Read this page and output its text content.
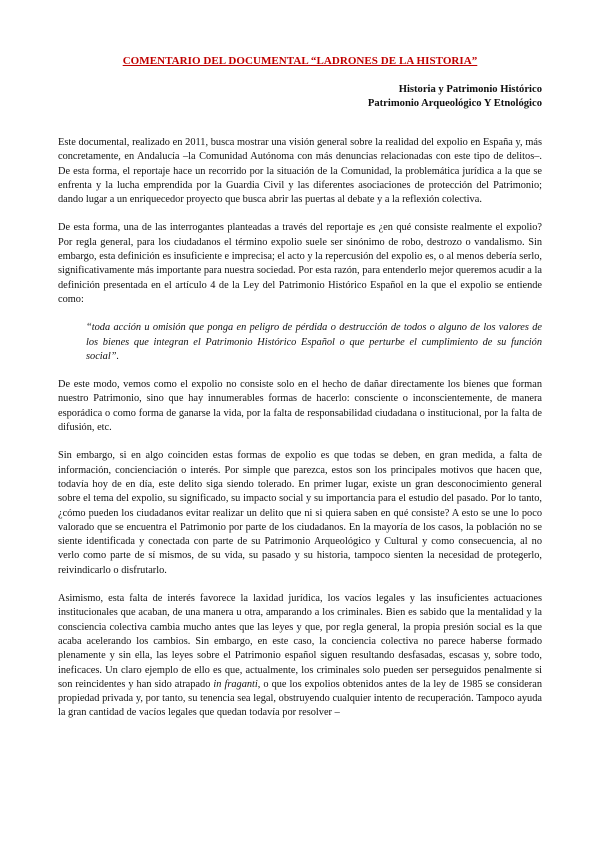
COMENTARIO DEL DOCUMENTAL “LADRONES DE LA HISTORIA”

Historia y Patrimonio Histórico

Patrimonio Arqueológico Y Etnológico

Este documental, realizado en 2011, busca mostrar una visión general sobre la realidad del expolio en España y, más concretamente, en Andalucía –la Comunidad Autónoma con más denuncias relacionadas con este tipo de delitos–. De esta forma, el reportaje hace un recorrido por la situación de la Comunidad, la problemática jurídica a la que se enfrenta y la lucha emprendida por la Guardia Civil y las diferentes asociaciones de protección del Patrimonio; dando lugar a un enriquecedor proyecto que busca abrir las puertas al debate y a la reflexión colectiva.

De esta forma, una de las interrogantes planteadas a través del reportaje es ¿en qué consiste realmente el expolio? Por regla general, para los ciudadanos el término expolio suele ser sinónimo de robo, destrozo o vandalismo. Sin embargo, esta definición es insuficiente e imprecisa; el acto y la repercusión del expolio es, o al menos debería serlo, significativamente más importante para nuestra sociedad. Por esta razón, para entenderlo mejor queremos acudir a la definición presentada en el artículo 4 de la Ley del Patrimonio Histórico Español en la que el expolio se entiende como:

“toda acción u omisión que ponga en peligro de pérdida o destrucción de todos o alguno de los valores de los bienes que integran el Patrimonio Histórico Español o que perturbe el cumplimiento de su función social”.

De este modo, vemos como el expolio no consiste solo en el hecho de dañar directamente los bienes que forman nuestro Patrimonio, sino que hay innumerables formas de hacerlo: consciente o inconscientemente, de manera esporádica o como forma de ganarse la vida, por la falta de responsabilidad ciudadana o institucional, por la falta de difusión, etc.

Sin embargo, si en algo coinciden estas formas de expolio es que todas se deben, en gran medida, a falta de información, concienciación o interés. Por simple que parezca, estos son los principales motivos que hacen que, todavía hoy de en día, este delito siga siendo tolerado. En primer lugar, existe un gran desconocimiento general sobre el tema del expolio, su significado, su impacto social y su importancia para el estudio del pasado. Por lo tanto, ¿cómo pueden los ciudadanos evitar realizar un delito que ni si quiera saben en qué consiste? A esto se une lo poco valorado que se encuentra el Patrimonio por parte de los ciudadanos. En la mayoría de los casos, la población no se siente identificada y conectada con parte de su Patrimonio Arqueológico y Cultural y como consecuencia, al no verlo como parte de sí mismos, de su vida, su pasado y su historia, tampoco sienten la necesidad de protegerlo, reivindicarlo o disfrutarlo.

Asimismo, esta falta de interés favorece la laxidad jurídica, los vacíos legales y las insuficientes actuaciones institucionales que acaban, de una manera u otra, amparando a los criminales. Bien es sabido que la mentalidad y la consciencia colectiva cambia mucho antes que las leyes y que, por regla general, la propia presión social es la que acaba acelerando los cambios. Sin embargo, en este caso, la conciencia colectiva no parece haberse formado plenamente y sin ella, las leyes sobre el Patrimonio español siguen resultando desfasadas, escasas y, sobre todo, ineficaces. Un claro ejemplo de ello es que, actualmente, los criminales solo pueden ser perseguidos penalmente si son reincidentes y han sido atrapado in fraganti, o que los expolios obtenidos antes de la ley de 1985 se consideran propiedad privada y, por tanto, su tenencia sea legal, obstruyendo cualquier intento de recuperación. Tampoco ayuda la gran cantidad de vacíos legales que quedan todavía por resolver –
